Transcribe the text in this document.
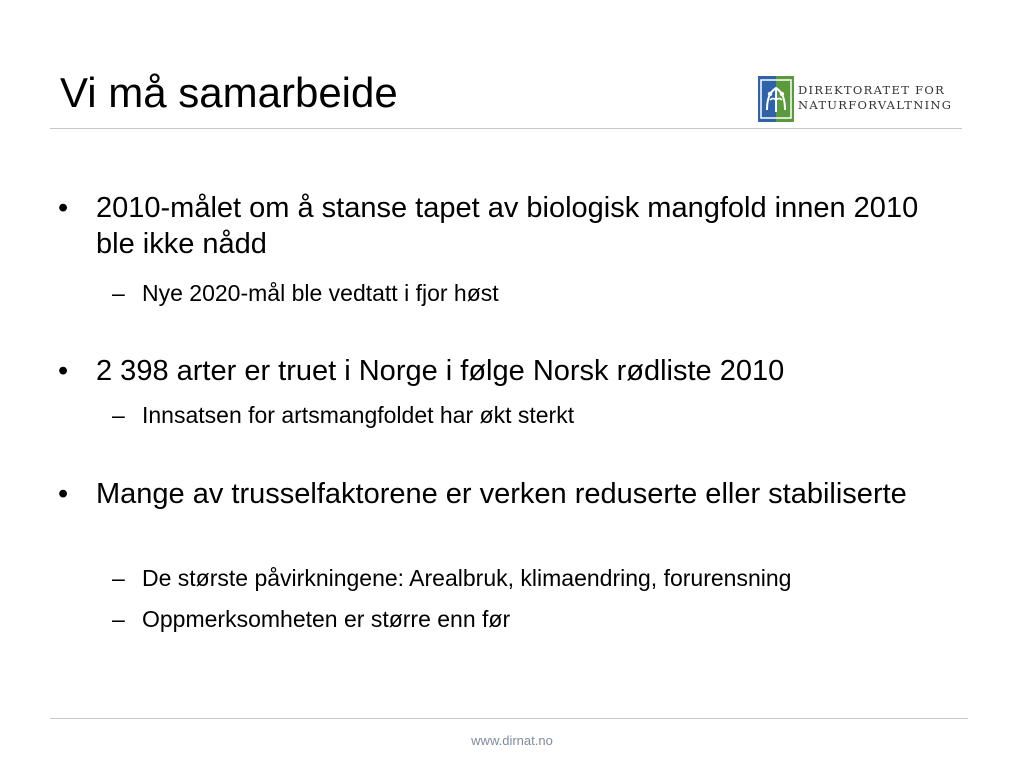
Vi må samarbeide	DIREKTORATET FOR
NATURFORVALTNING
• 2010-målet om å stanse tapet av biologisk mangfold innen 2010 ble ikke nådd
– Nye 2020-mål ble vedtatt i fjor høst
• 2 398 arter er truet i Norge i følge Norsk rødliste 2010
– Innsatsen for artsmangfoldet har økt sterkt
• Mange av trusselfaktorene er verken reduserte eller stabiliserte
– De største påvirkningene: Arealbruk, klimaendring, forurensning
– Oppmerksomheten er større enn før
www.dirnat.no
